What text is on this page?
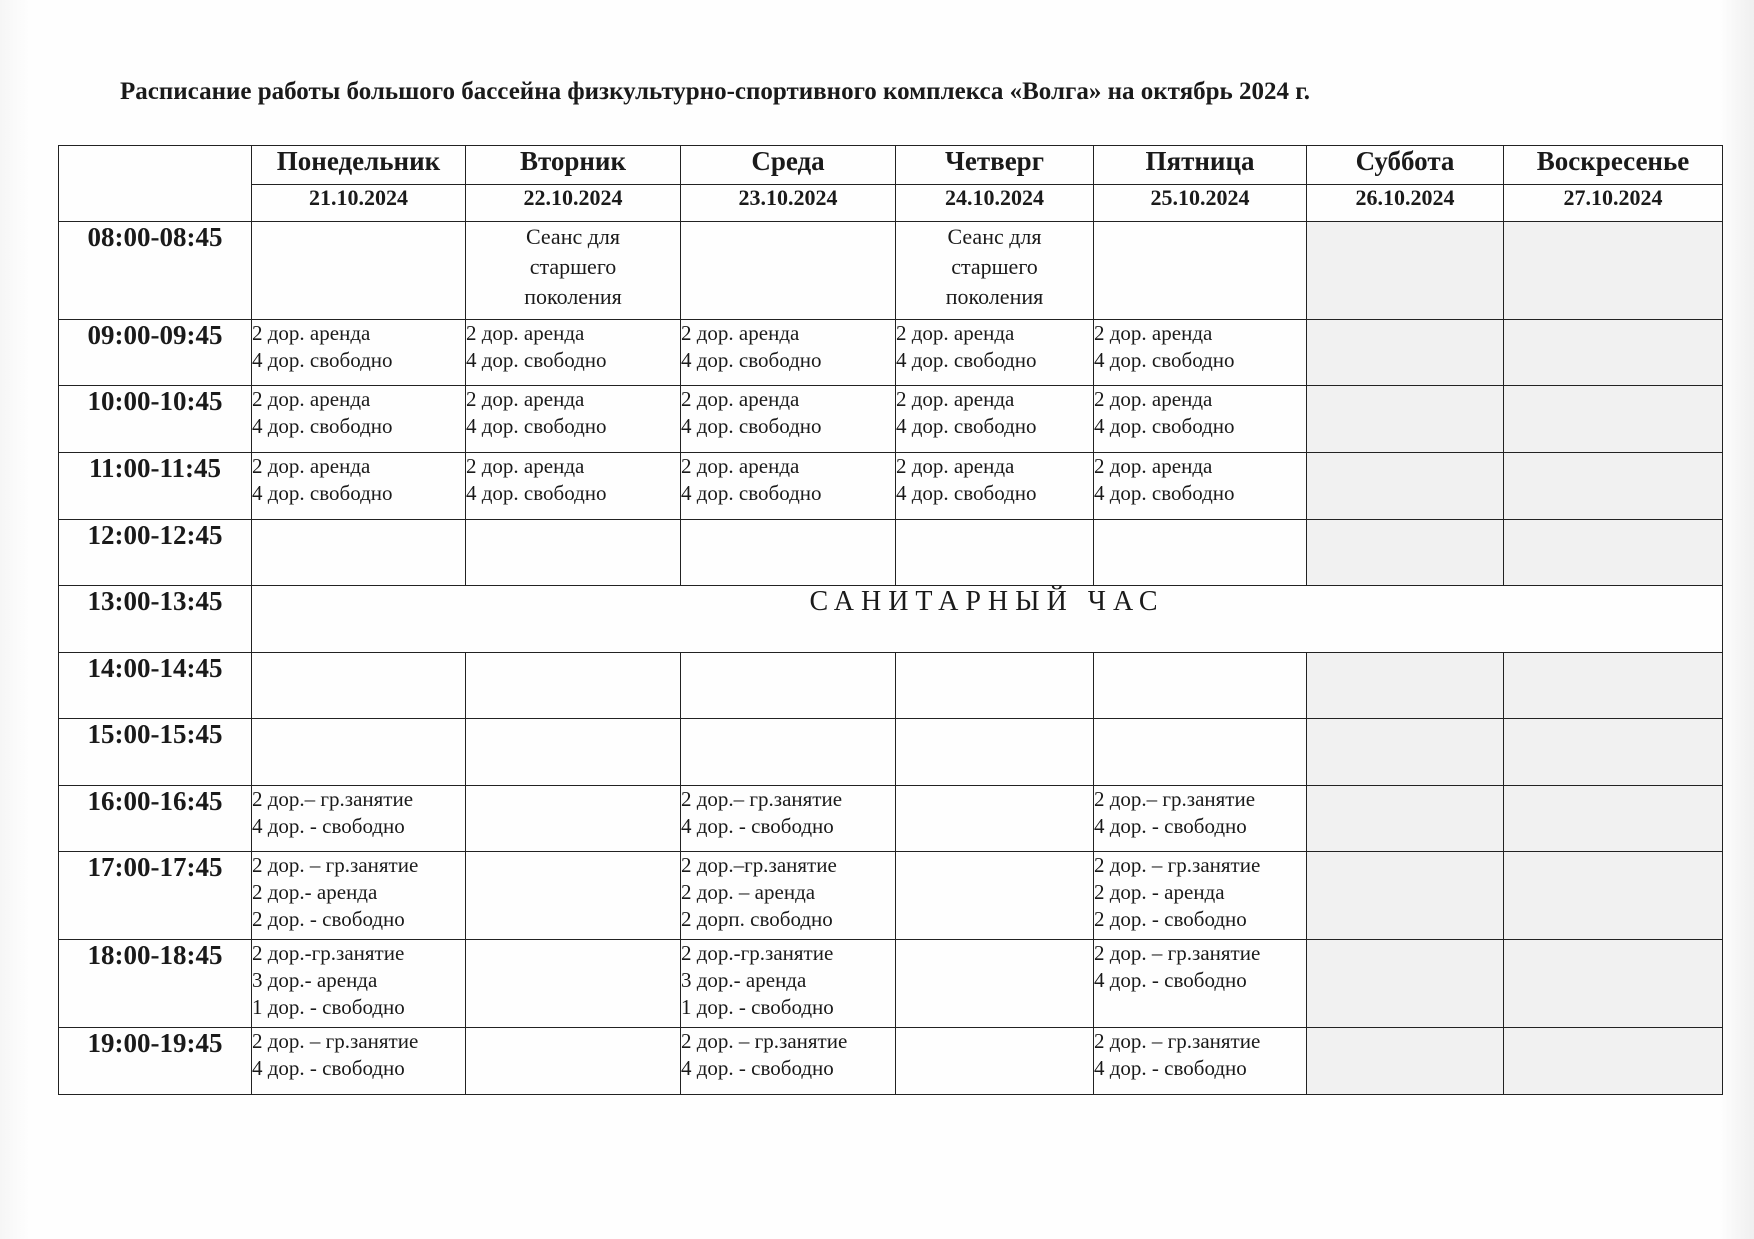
Расписание работы большого бассейна физкультурно-спортивного комплекса «Волга» на октябрь 2024 г.
	Понедельник	Вторник	Среда	Четверг	Пятница	Суббота	Воскресенье
	21.10.2024	22.10.2024	23.10.2024	24.10.2024	25.10.2024	26.10.2024	27.10.2024
08:00-08:45		Сеанс для
старшего
поколения		Сеанс для
старшего
поколения			

09:00-09:45	2 дор. аренда
4 дор. свободно	2 дор. аренда
4 дор. свободно	2 дор. аренда
4 дор. свободно	2 дор. аренда
4 дор. свободно	2 дор. аренда
4 дор. свободно		

10:00-10:45	2 дор. аренда
4 дор. свободно	2 дор. аренда
4 дор. свободно	2 дор. аренда
4 дор. свободно	2 дор. аренда
4 дор. свободно	2 дор. аренда
4 дор. свободно		

11:00-11:45	2 дор. аренда
4 дор. свободно	2 дор. аренда
4 дор. свободно	2 дор. аренда
4 дор. свободно	2 дор. аренда
4 дор. свободно	2 дор. аренда
4 дор. свободно		

12:00-12:45							
13:00-13:45	САНИТАРНЫЙ ЧАС						
14:00-14:45							
15:00-15:45							
16:00-16:45	2 дор.– гр.занятие
4 дор. - свободно		2 дор.– гр.занятие
4 дор. - свободно		2 дор.– гр.занятие
4 дор. - свободно		

17:00-17:45	2 дор. – гр.занятие
2 дор.- аренда
2 дор. - свободно		2 дор.–гр.занятие
2 дор. – аренда
2 дорп. свободно		2 дор. – гр.занятие
2 дор. - аренда
2 дор. - свободно		

18:00-18:45	2 дор.-гр.занятие
3 дор.- аренда
1 дор. - свободно		2 дор.-гр.занятие
3 дор.- аренда
1 дор. - свободно		2 дор. – гр.занятие
4 дор. - свободно		

19:00-19:45	2 дор. – гр.занятие
4 дор. - свободно		2 дор. – гр.занятие
4 дор. - свободно		2 дор. – гр.занятие
4 дор. - свободно		
